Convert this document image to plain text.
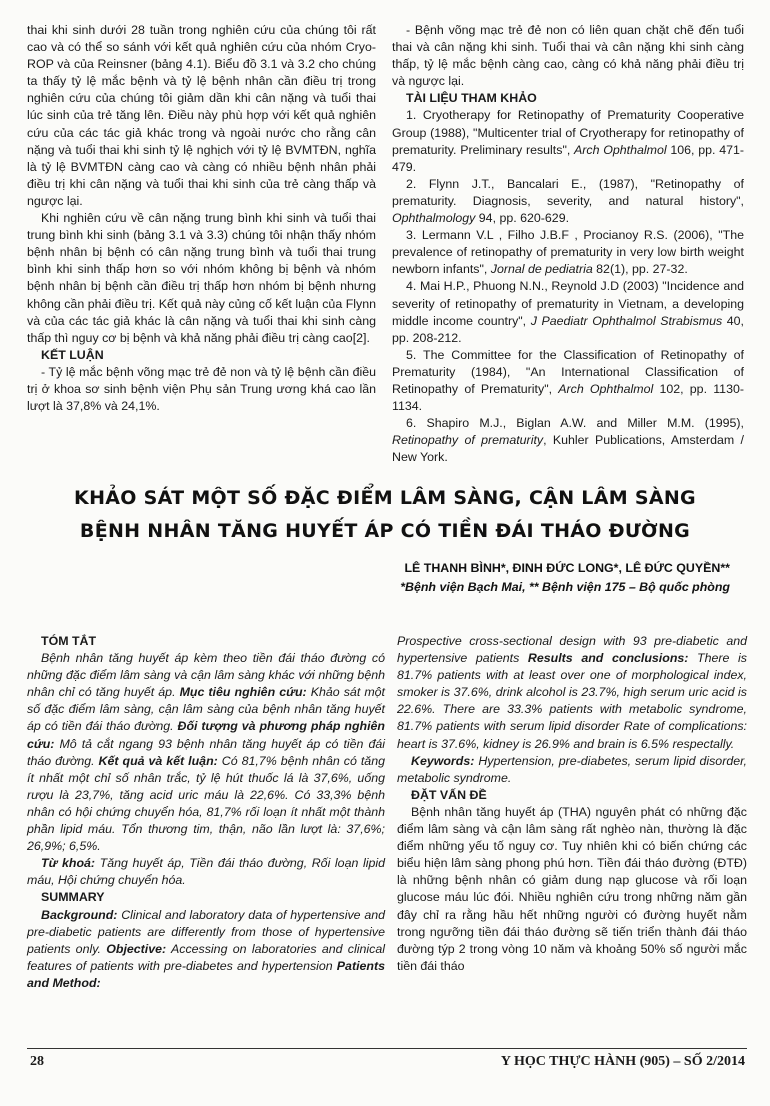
thai khi sinh dưới 28 tuần trong nghiên cứu của chúng tôi rất cao và có thể so sánh với kết quả nghiên cứu của nhóm Cryo-ROP và của Reinsner (bảng 4.1). Biểu đồ 3.1 và 3.2 cho chúng ta thấy tỷ lệ mắc bệnh và tỷ lệ bệnh nhân cần điều trị trong nghiên cứu của chúng tôi giảm dần khi cân nặng và tuổi thai lúc sinh của trẻ tăng lên. Điều này phù hợp với kết quả nghiên cứu của các tác giả khác trong và ngoài nước cho rằng cân nặng và tuổi thai khi sinh tỷ lệ nghịch với tỷ lệ BVMTĐN, nghĩa là tỷ lệ BVMTĐN càng cao và càng có nhiều bệnh nhân phải điều trị khi cân nặng và tuổi thai khi sinh của trẻ càng thấp và ngược lại.

Khi nghiên cứu về cân nặng trung bình khi sinh và tuổi thai trung bình khi sinh (bảng 3.1 và 3.3) chúng tôi nhận thấy nhóm bệnh nhân bị bệnh có cân nặng trung bình và tuổi thai trung bình khi sinh thấp hơn so với nhóm không bị bệnh và nhóm bệnh nhân bị bệnh cần điều trị thấp hơn nhóm bị bệnh nhưng không cần phải điều trị. Kết quả này củng cố kết luận của Flynn và của các tác giả khác là cân nặng và tuổi thai khi sinh càng thấp thì nguy cơ bị bệnh và khả năng phải điều trị càng cao[2].

KẾT LUẬN

- Tỷ lệ mắc bệnh võng mạc trẻ đẻ non và tỷ lệ bệnh cần điều trị ở khoa sơ sinh bệnh viện Phụ sản Trung ương khá cao lần lượt là 37,8% và 24,1%.

- Bệnh võng mạc trẻ đẻ non có liên quan chặt chẽ đến tuổi thai và cân nặng khi sinh. Tuổi thai và cân nặng khi sinh càng thấp, tỷ lệ mắc bệnh càng cao, càng có khả năng phải điều trị và ngược lại.

TÀI LIỆU THAM KHẢO

1. Cryotherapy for Retinopathy of Prematurity Cooperative Group (1988), "Multicenter trial of Cryotherapy for retinopathy of prematurity. Preliminary results", Arch Ophthalmol 106, pp. 471-479.

2. Flynn J.T., Bancalari E., (1987), "Retinopathy of prematurity. Diagnosis, severity, and natural history", Ophthalmology 94, pp. 620-629.

3. Lermann V.L , Filho J.B.F , Procianoy R.S. (2006), "The prevalence of retinopathy of prematurity in very low birth weight newborn infants", Jornal de pediatria 82(1), pp. 27-32.

4. Mai H.P., Phuong N.N., Reynold J.D (2003) "Incidence and severity of retinopathy of prematurity in Vietnam, a developing middle income country", J Paediatr Ophthalmol Strabismus 40, pp. 208-212.

5. The Committee for the Classification of Retinopathy of Prematurity (1984), "An International Classification of Retinopathy of Prematurity", Arch Ophthalmol 102, pp. 1130-1134.

6. Shapiro M.J., Biglan A.W. and Miller M.M. (1995), Retinopathy of prematurity, Kuhler Publications, Amsterdam / New York.

KHẢO SÁT MỘT SỐ ĐẶC ĐIỂM LÂM SÀNG, CẬN LÂM SÀNG
BỆNH NHÂN TĂNG HUYẾT ÁP CÓ TIỀN ĐÁI THÁO ĐƯỜNG
LÊ THANH BÌNH*, ĐINH ĐỨC LONG*, LÊ ĐỨC QUYỀN**
*Bệnh viện Bạch Mai, ** Bệnh viện 175 – Bộ quốc phòng

TÓM TẮT

Bệnh nhân tăng huyết áp kèm theo tiền đái tháo đường có những đặc điểm lâm sàng và cận lâm sàng khác với những bệnh nhân chỉ có tăng huyết áp. Mục tiêu nghiên cứu: Khảo sát một số đặc điểm lâm sàng, cận lâm sàng của bệnh nhân tăng huyết áp có tiền đái tháo đường. Đối tượng và phương pháp nghiên cứu: Mô tả cắt ngang 93 bệnh nhân tăng huyết áp có tiền đái tháo đường. Kết quả và kết luận: Có 81,7% bệnh nhân có tăng ít nhất một chỉ số nhân trắc, tỷ lệ hút thuốc lá là 37,6%, uống rượu là 23,7%, tăng acid uric máu là 22,6%. Có 33,3% bệnh nhân có hội chứng chuyển hóa, 81,7% rối loạn ít nhất một thành phần lipid máu. Tổn thương tim, thận, não lần lượt là: 37,6%; 26,9%; 6,5%.

Từ khoá: Tăng huyết áp, Tiền đái tháo đường, Rối loạn lipid máu, Hội chứng chuyển hóa.

SUMMARY

Background: Clinical and laboratory data of hypertensive and pre-diabetic patients are differently from those of hypertensive patients only. Objective: Accessing on laboratories and clinical features of patients with pre-diabetes and hypertension Patients and Method:

Prospective cross-sectional design with 93 pre-diabetic and hypertensive patients Results and conclusions: There is 81.7% patients with at least over one of morphological index, smoker is 37.6%, drink alcohol is 23.7%, high serum uric acid is 22.6%. There are 33.3% patients with metabolic syndrome, 81.7% patients with serum lipid disorder Rate of complications: heart is 37.6%, kidney is 26.9% and brain is 6.5% respectally.

Keywords: Hypertension, pre-diabetes, serum lipid disorder, metabolic syndrome.

ĐẶT VẤN ĐỀ

Bệnh nhân tăng huyết áp (THA) nguyên phát có những đặc điểm lâm sàng và cận lâm sàng rất nghèo nàn, thường là đặc điểm những yếu tố nguy cơ. Tuy nhiên khi có biến chứng các biểu hiện lâm sàng phong phú hơn. Tiền đái tháo đường (ĐTĐ) là những bệnh nhân có giảm dung nạp glucose và rối loạn glucose máu lúc đói. Nhiều nghiên cứu trong những năm gần đây chỉ ra rằng hầu hết những người có đường huyết nằm trong ngưỡng tiền đái tháo đường sẽ tiến triển thành đái tháo đường týp 2 trong vòng 10 năm và khoảng 50% số người mắc tiền đái tháo

28	Y HỌC THỰC HÀNH (905) – SỐ 2/2014
